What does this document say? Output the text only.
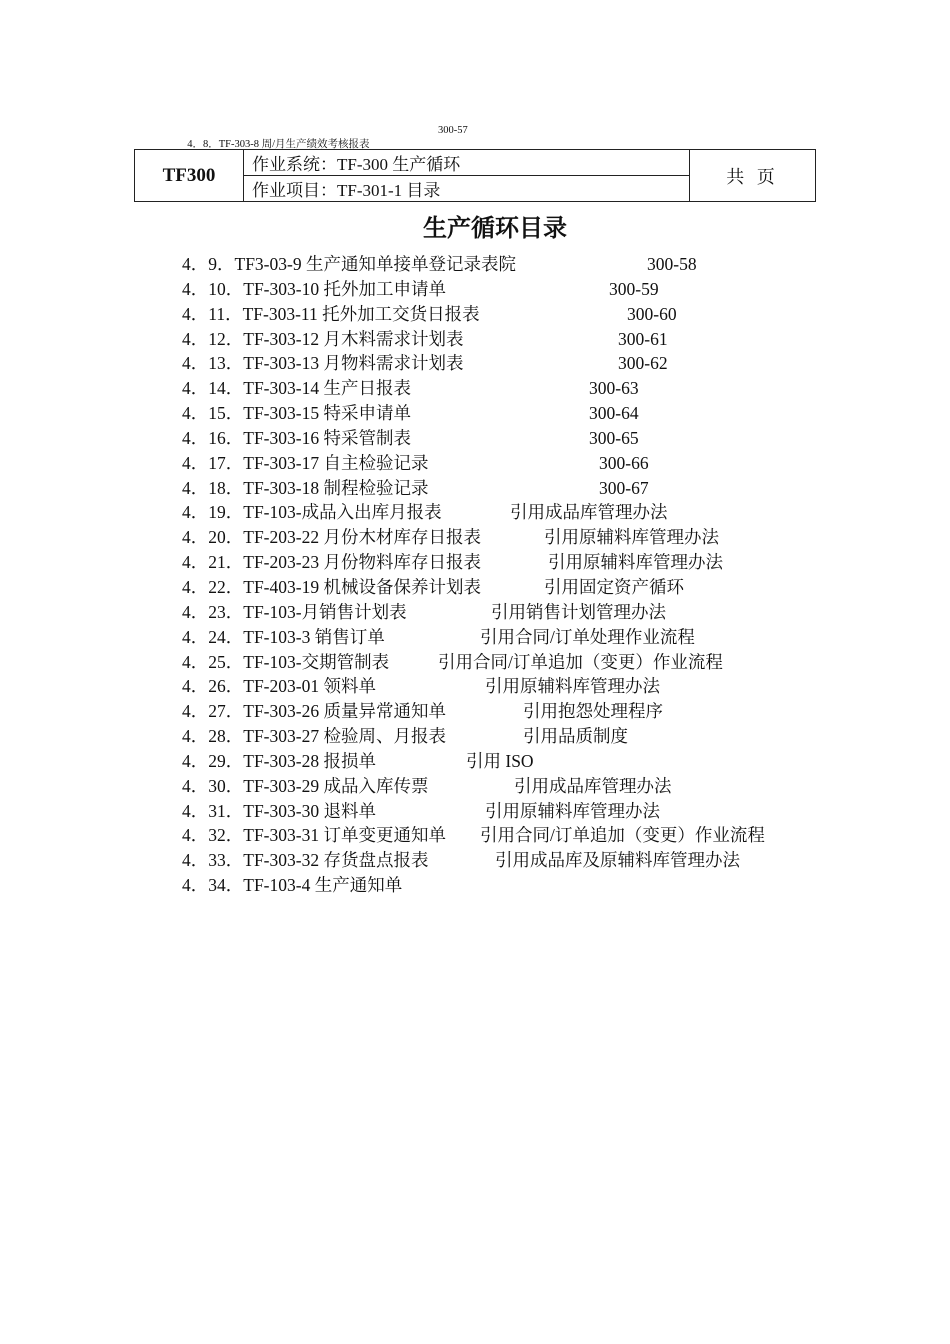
4．8．TF-303-8 周/月生产绩效考核报表

300-57

TF300	作业系统：TF-300 生产循环	共 页
作业项目：TF-301-1 目录
生产循环目录
4．9．TF3-03-9 生产通知单接单登记录表院	300-58
4．10．TF-303-10 托外加工申请单	300-59
4．11．TF-303-11 托外加工交货日报表	300-60
4．12．TF-303-12 月木料需求计划表	300-61
4．13．TF-303-13 月物料需求计划表	300-62
4．14．TF-303-14 生产日报表	300-63
4．15．TF-303-15 特采申请单	300-64
4．16．TF-303-16 特采管制表	300-65
4．17．TF-303-17 自主检验记录	300-66
4．18．TF-303-18 制程检验记录	300-67
4．19．TF-103-成品入出库月报表	引用成品库管理办法
4．20．TF-203-22 月份木材库存日报表	引用原辅料库管理办法
4．21．TF-203-23 月份物料库存日报表	引用原辅料库管理办法
4．22．TF-403-19 机械设备保养计划表	引用固定资产循环
4．23．TF-103-月销售计划表	引用销售计划管理办法
4．24．TF-103-3 销售订单	引用合同/订单处理作业流程
4．25．TF-103-交期管制表	引用合同/订单追加（变更）作业流程
4．26．TF-203-01 领料单	引用原辅料库管理办法
4．27．TF-303-26 质量异常通知单	引用抱怨处理程序
4．28．TF-303-27 检验周、月报表	引用品质制度
4．29．TF-303-28 报损单	引用 ISO
4．30．TF-303-29 成品入库传票	引用成品库管理办法
4．31．TF-303-30 退料单	引用原辅料库管理办法
4．32．TF-303-31 订单变更通知单 引用合同/订单追加（变更）作业流程
4．33．TF-303-32 存货盘点报表	引用成品库及原辅料库管理办法
4．34．TF-103-4 生产通知单
